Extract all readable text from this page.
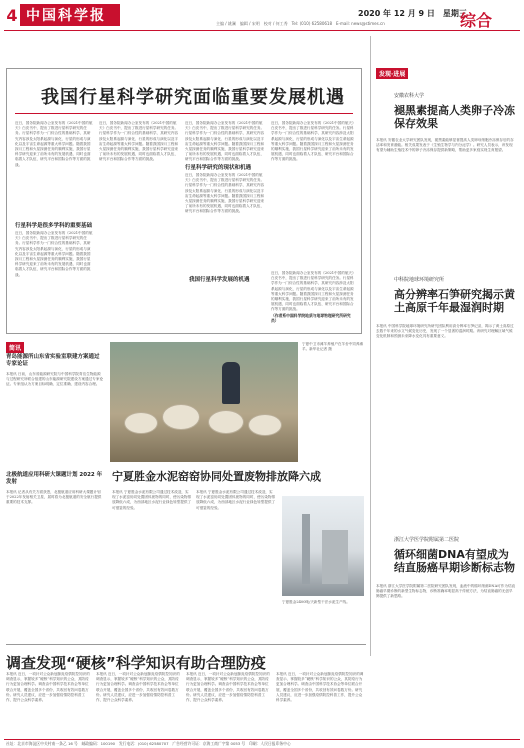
4 中国科学报	2020 年 12 月 9 日　星期三
主编 / 姚澜　编辑 / 宋明　校对 / 何工秀　Tel: (010) 62580618　E-mail: news@stimes.cn	综合
我国行星科学研究面临重要发展机遇
近日，国务院新闻办公室发布的《2021中国的航天》白皮书中，提出了推进行星科学研究的任务。行星科学作为一门综合性的基础科学，其研究内容涉及太阳系起源与演化、行星的形成与演化以及宇宙生命起源等重大科学问题。随着我国探月工程和火星探测任务的顺利实施，我国行星科学研究迎来了前所未有的发展机遇，同时也面临着人才队伍、研究平台和国际合作等方面的挑战。
行星科学是很多学科的重要基础
近日，国务院新闻办公室发布的《2021中国的航天》白皮书中，提出了推进行星科学研究的任务。行星科学作为一门综合性的基础科学，其研究内容涉及太阳系起源与演化、行星的形成与演化以及宇宙生命起源等重大科学问题。随着我国探月工程和火星探测任务的顺利实施，我国行星科学研究迎来了前所未有的发展机遇，同时也面临着人才队伍、研究平台和国际合作等方面的挑战。
近日，国务院新闻办公室发布的《2021中国的航天》白皮书中，提出了推进行星科学研究的任务。行星科学作为一门综合性的基础科学，其研究内容涉及太阳系起源与演化、行星的形成与演化以及宇宙生命起源等重大科学问题。随着我国探月工程和火星探测任务的顺利实施，我国行星科学研究迎来了前所未有的发展机遇，同时也面临着人才队伍、研究平台和国际合作等方面的挑战。
近日，国务院新闻办公室发布的《2021中国的航天》白皮书中，提出了推进行星科学研究的任务。行星科学作为一门综合性的基础科学，其研究内容涉及太阳系起源与演化、行星的形成与演化以及宇宙生命起源等重大科学问题。随着我国探月工程和火星探测任务的顺利实施，我国行星科学研究迎来了前所未有的发展机遇，同时也面临着人才队伍、研究平台和国际合作等方面的挑战。
行星科学研究的现状和机遇
近日，国务院新闻办公室发布的《2021中国的航天》白皮书中，提出了推进行星科学研究的任务。行星科学作为一门综合性的基础科学，其研究内容涉及太阳系起源与演化、行星的形成与演化以及宇宙生命起源等重大科学问题。随着我国探月工程和火星探测任务的顺利实施，我国行星科学研究迎来了前所未有的发展机遇，同时也面临着人才队伍、研究平台和国际合作等方面的挑战。
近日，国务院新闻办公室发布的《2021中国的航天》白皮书中，提出了推进行星科学研究的任务。行星科学作为一门综合性的基础科学，其研究内容涉及太阳系起源与演化、行星的形成与演化以及宇宙生命起源等重大科学问题。随着我国探月工程和火星探测任务的顺利实施，我国行星科学研究迎来了前所未有的发展机遇，同时也面临着人才队伍、研究平台和国际合作等方面的挑战。
我国行星科学发展的机遇
近日，国务院新闻办公室发布的《2021中国的航天》白皮书中，提出了推进行星科学研究的任务。行星科学作为一门综合性的基础科学，其研究内容涉及太阳系起源与演化、行星的形成与演化以及宇宙生命起源等重大科学问题。随着我国探月工程和火星探测任务的顺利实施，我国行星科学研究迎来了前所未有的发展机遇，同时也面临着人才队伍、研究平台和国际合作等方面的挑战。
（作者系中国科学院地质与地球物理研究所研究员）
发现·进展
安徽农科大学
褪黑素提高人类卵子冷冻保存效果
本报讯 安徽农业大学研究团队发现，褪黑素能够显著提高人类卵母细胞冷冻保存后的存活率和发育潜能。相关成果发表于《生殖生物学与内分泌学》。研究人员表示，该发现有望为辅助生殖技术中的卵子冷冻保存提供新策略，帮助更多家庭实现生育愿望。
中科院地球环境研究所
高分辨率石笋研究揭示黄土高原千年最湿润时期
本报讯 中国科学院地球环境研究所研究团队利用高分辨率石笋记录，揭示了黄土高原过去数千年来的水文气候变化历史，发现了一个显著的湿润时期。该研究对理解区域气候变化机制和预测未来降水变化具有重要意义。
浙江大学医学院附属第二医院
循环细菌DNA有望成为结直肠癌早期诊断标志物
本报讯 浙江大学医学院附属第二医院研究团队发现，血液中的循环细菌DNA可作为结直肠癌早期诊断的新型生物标志物，诊断准确率明显高于传统方法，为结直肠癌的无创早筛提供了新思路。
简讯
青岛能源所山东省实验室联建方案通过专家论证
本报讯 日前，山东省能源研究院与中国科学院青岛生物能源与过程研究所联合组建的山东能源研究院建设方案通过专家论证。专家组认为方案目标明确、定位准确、建设内容合理。
北极航道应用科研大课题计划 2022 年发射
本报讯 记者从有关方面获悉，北极航道应用科研大课题计划于2022年发射相关卫星，届时将为北极航道的安全航行提供重要的技术支撑。
宁夏中卫市滩羊养殖户在羊舍中饲养滩羊。新华社记者 摄
宁夏胜金水泥窑窑协同处置废物排放降六成
本报讯 宁夏胜金水泥有限公司通过技术改造，实现了水泥窑协同处置固体废物的同时，使污染物排放降低六成，为西部地区水泥行业绿色转型提供了可借鉴的经验。
本报讯 宁夏胜金水泥有限公司通过技术改造，实现了水泥窑协同处置固体废物的同时，使污染物排放降低六成，为西部地区水泥行业绿色转型提供了可借鉴的经验。
宁夏胜金2400吨/天新型干法水泥生产线。
调查发现“硬核”科学知识有助合理防疫
本报讯 近日，一项针对公众新冠肺炎疫情防控知识的调查显示，掌握较多“硬核”科学知识的公众，其防疫行为更加合理科学。调查由中国科学技术协会等单位联合开展，覆盖全国多个省份，共收回有效问卷数万份。研究人员建议，应进一步加强疫情防控科普工作，提升公众科学素养。
本报讯 近日，一项针对公众新冠肺炎疫情防控知识的调查显示，掌握较多“硬核”科学知识的公众，其防疫行为更加合理科学。调查由中国科学技术协会等单位联合开展，覆盖全国多个省份，共收回有效问卷数万份。研究人员建议，应进一步加强疫情防控科普工作，提升公众科学素养。
本报讯 近日，一项针对公众新冠肺炎疫情防控知识的调查显示，掌握较多“硬核”科学知识的公众，其防疫行为更加合理科学。调查由中国科学技术协会等单位联合开展，覆盖全国多个省份，共收回有效问卷数万份。研究人员建议，应进一步加强疫情防控科普工作，提升公众科学素养。
本报讯 近日，一项针对公众新冠肺炎疫情防控知识的调查显示，掌握较多“硬核”科学知识的公众，其防疫行为更加合理科学。调查由中国科学技术协会等单位联合开展，覆盖全国多个省份，共收回有效问卷数万份。研究人员建议，应进一步加强疫情防控科普工作，提升公众科学素养。
社址：北京市海淀区中关村南一条乙 16 号　邮政编码：100190　发行电话：(010) 62580707　广告经营许可证：京海工商广字第 0053 号　印刷：人民日报印务中心
